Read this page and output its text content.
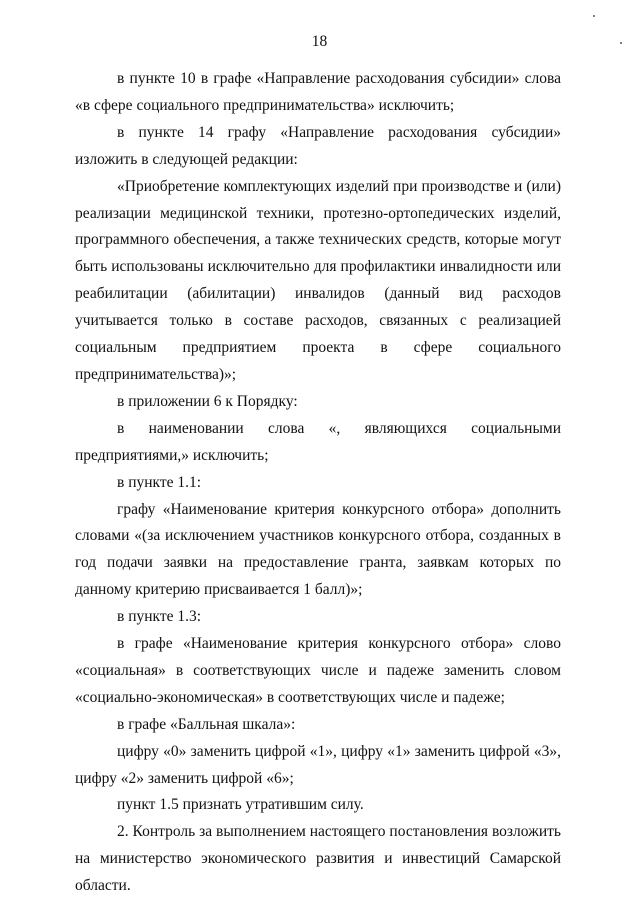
18

в пункте 10 в графе «Направление расходования субсидии» слова «в сфере социального предпринимательства» исключить;

в пункте 14 графу «Направление расходования субсидии» изложить в следующей редакции:

«Приобретение комплектующих изделий при производстве и (или) реализации медицинской техники, протезно-ортопедических изделий, программного обеспечения, а также технических средств, которые могут быть использованы исключительно для профилактики инвалидности или реабилитации (абилитации) инвалидов (данный вид расходов учитывается только в составе расходов, связанных с реализацией социальным предприятием проекта в сфере социального предпринимательства)»;

в приложении 6 к Порядку:

в наименовании слова «, являющихся социальными предприятиями,» исключить;

в пункте 1.1:

графу «Наименование критерия конкурсного отбора» дополнить словами «(за исключением участников конкурсного отбора, созданных в год подачи заявки на предоставление гранта, заявкам которых по данному критерию присваивается 1 балл)»;

в пункте 1.3:

в графе «Наименование критерия конкурсного отбора» слово «социальная» в соответствующих числе и падеже заменить словом «социально-экономическая» в соответствующих числе и падеже;

в графе «Балльная шкала»:

цифру «0» заменить цифрой «1», цифру «1» заменить цифрой «3», цифру «2» заменить цифрой «6»;

пункт 1.5 признать утратившим силу.

2. Контроль за выполнением настоящего постановления возложить на министерство экономического развития и инвестиций Самарской области.
